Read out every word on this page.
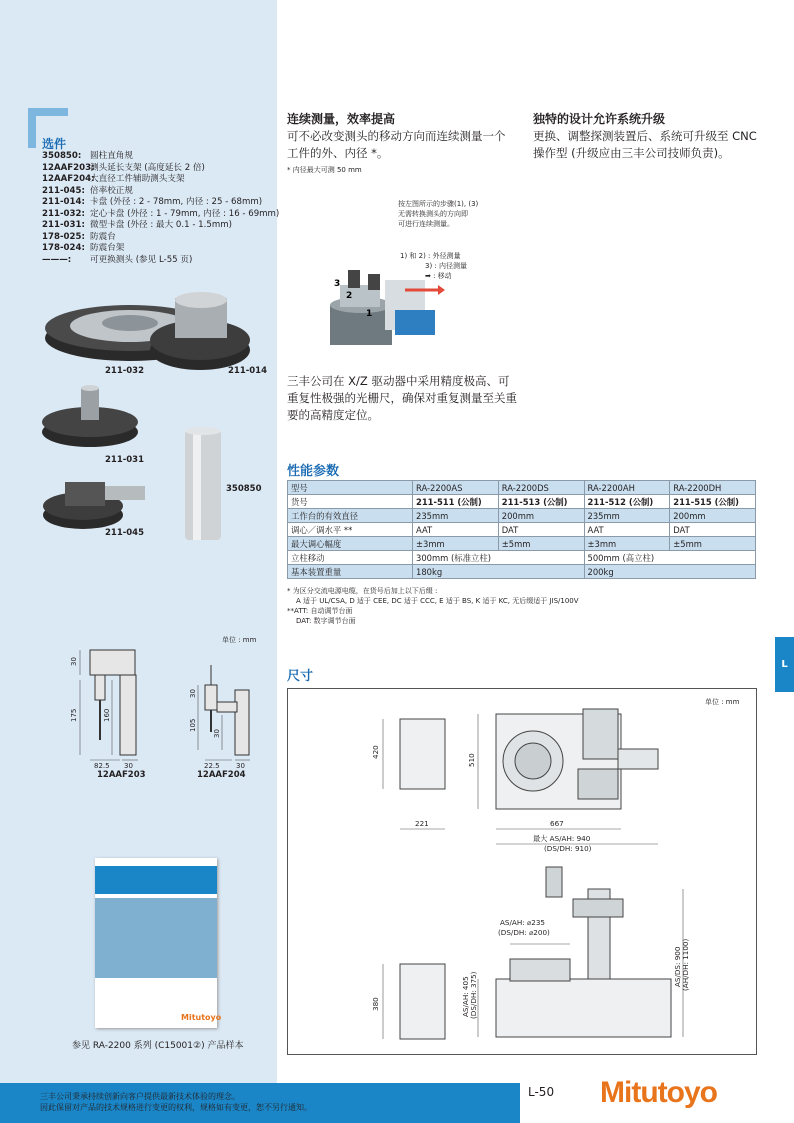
选件
350850: 圆柱直角规
12AAF203:测头延长支架 (高度延长 2 倍)
12AAF204:大直径工件辅助测头支架
211-045: 倍率校正规
211-014: 卡盘 (外径 : 2 - 78mm, 内径 : 25 - 68mm)
211-032: 定心卡盘 (外径 : 1 - 79mm, 内径 : 16 - 69mm)
211-031: 微型卡盘 (外径 : 最大 0.1 - 1.5mm)
178-025: 防震台
178-024: 防震台架
———: 可更换测头 (参见 L-55 页)
211-032	211-014
211-031
350850
211-045
单位 : mm
30
175	160
82.5 30
30
105
30
22.5 30
12AAF203	12AAF204
Mitutoyo
参见 RA-2200 系列 (C15001②) 产品样本
连续测量，效率提高
可不必改变测头的移动方向而连续测量一个工件的外、内径 *。
* 内径最大可测 50 mm
按左图所示的步骤(1), (3)
无需转换测头的方向即
可进行连续测量。
1) 和 2) : 外径测量
3) : 内径测量
➡ : 移动
3
2
1
独特的设计允许系统升级
更换、调整探测装置后、系统可升级至 CNC 操作型 (升级应由三丰公司技师负责)。
三丰公司在 X/Z 驱动器中采用精度极高、可重复性极强的光栅尺，确保对重复测量至关重要的高精度定位。
性能参数
型号	RA-2200AS	RA-2200DS	RA-2200AH	RA-2200DH
货号	211-511 (公制)	211-513 (公制)	211-512 (公制)	211-515 (公制)
工作台的有效直径	235mm	200mm	235mm	200mm
调心／调水平 **	AAT	DAT	AAT	DAT
最大调心幅度	±3mm	±5mm	±3mm	±5mm
立柱移动	300mm (标准立柱)		500mm (高立柱)	
基本装置重量	180kg		200kg	
* 为区分交流电源电缆，在货号后加上以下后缀 :
A 适于 UL/CSA, D 适于 CEE, DC 适于 CCC, E 适于 BS, K 适于 KC, 无后缀适于 JIS/100V
**ATT: 自动调节台面
DAT: 数字调节台面
尺寸
单位 : mm
420
221
510
667
最大 AS/AH: 940
(DS/DH: 910)
AS/AH: ⌀235
(DS/DH: ⌀200)
380	AS/AH: 405 (DS/DH: 375)
AS/DS: 900 (AH/DH: 1100)
L
三丰公司秉承持续创新向客户提供最新技术体验的理念。
因此保留对产品的技术规格进行变更的权利，规格如有变更，恕不另行通知。
L-50 Mitutoyo
